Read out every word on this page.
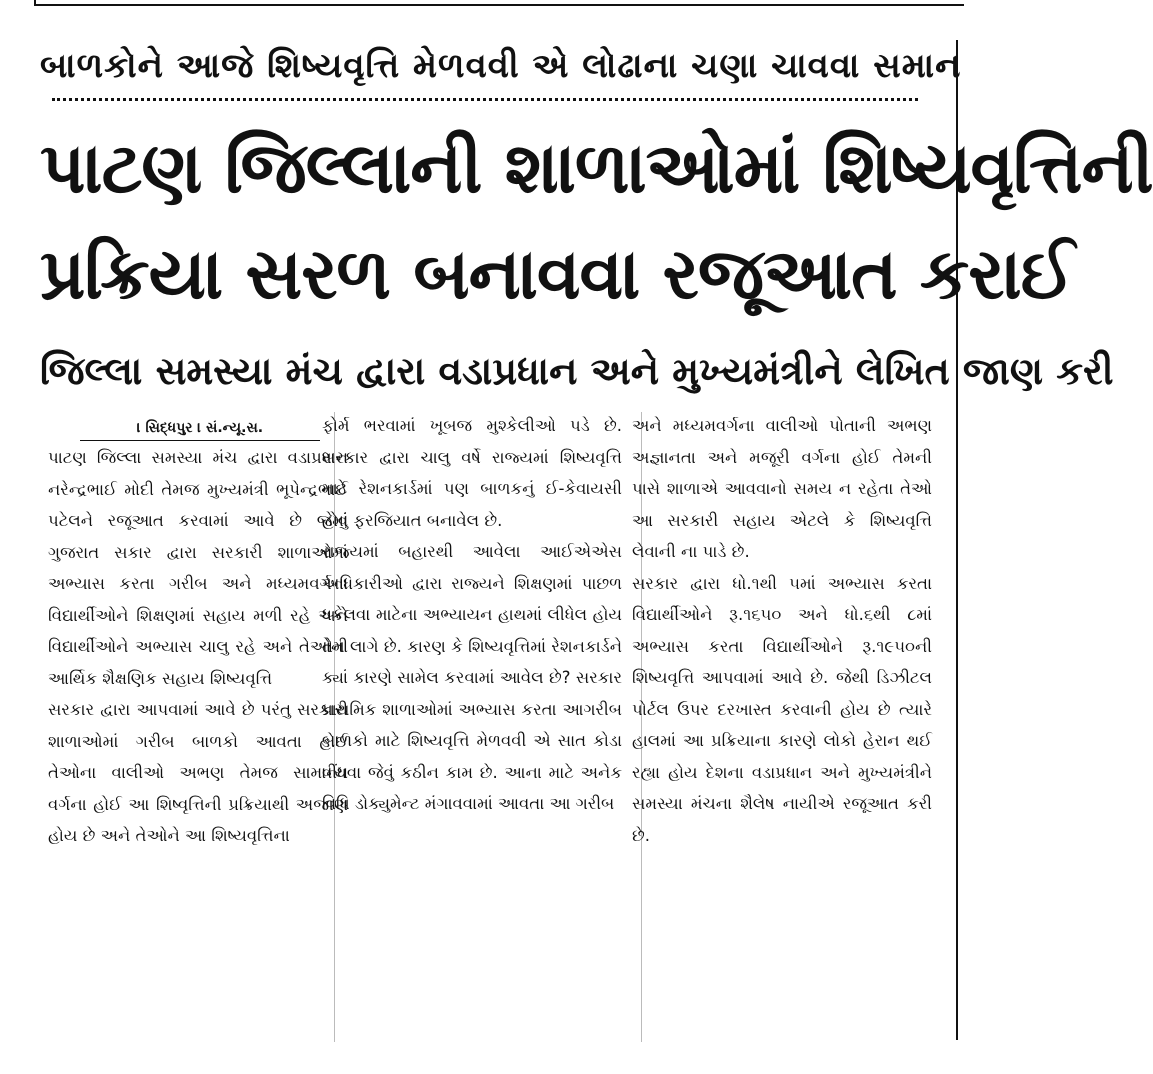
બાળકોને આજે શિષ્યવૃત્તિ મેળવવી એ લોઢાના ચણા ચાવવા સમાન
પાટણ જિલ્લાની શાળાઓમાં શિષ્યવૃત્તિની
પ્રક્રિયા સરળ બનાવવા રજૂઆત કરાઈ
જિલ્લા સમસ્યા મંચ દ્વારા વડાપ્રધાન અને મુખ્યમંત્રીને લેખિત જાણ કરી
। સિદ્ધપુર । સં.ન્યૂ.સ.

પાટણ જિલ્લા સમસ્યા મંચ દ્વારા વડાપ્રધાન નરેન્દ્રભાઈ મોદી તેમજ મુખ્યમંત્રી ભૂપેન્દ્રભાઈ પટેલને રજૂઆત કરવામાં આવે છે જેમાં ગુજરાત સકાર દ્વારા સરકારી શાળાઓમાં અભ્યાસ કરતા ગરીબ અને મધ્યમવર્ગના વિદ્યાર્થીઓને શિક્ષણમાં સહાય મળી રહે અને વિદ્યાર્થીઓને અભ્યાસ ચાલુ રહે અને તેઓની આર્થિક શૈક્ષણિક સહાય શિષ્યવૃત્તિ

સરકાર દ્વારા આપવામાં આવે છે પરંતુ સરકારી શાળાઓમાં ગરીબ બાળકો આવતા હોઈ તેઓના વાલીઓ અભણ તેમજ સામાન્ય વર્ગના હોઈ આ શિષ્વૃત્તિની પ્રક્રિયાથી અજાણ હોય છે અને તેઓને આ શિષ્યવૃત્તિના

ફોર્મ ભરવામાં ખૂબજ મુશ્કેલીઓ પડે છે. સરકાર દ્વારા ચાલુ વર્ષે રાજ્યમાં શિષ્યવૃત્તિ માટે રેશનકાર્ડમાં પણ બાળકનું ઈ-કેવાયસી હોવું ફરજિયાત બનાવેલ છે.

રાજ્યમાં બહારથી આવેલા આઈએએસ અધિકારીઓ દ્વારા રાજ્યને શિક્ષણમાં પાછળ ધકેલવા માટેના અભ્યાયન હાથમાં લીધેલ હોય તેમ લાગે છે. કારણ કે શિષ્યવૃત્તિમાં રેશનકાર્ડને ક્યાં કારણે સામેલ કરવામાં આવેલ છે? સરકાર પ્રાથમિક શાળાઓમાં અભ્યાસ કરતા આગરીબ બાળકો માટે શિષ્યવૃત્તિ મેળવવી એ સાત કોડા વીંધવા જેવું કઠીન કામ છે. આના માટે અનેક વિધિ ડોક્યુમેન્ટ મંગાવવામાં આવતા આ ગરીબ

અને મધ્યમવર્ગના વાલીઓ પોતાની અભણ અજ્ઞાનતા અને મજૂરી વર્ગના હોઈ તેમની પાસે શાળાએ આવવાનો સમય ન રહેતા તેઓ આ સરકારી સહાય એટલે કે શિષ્યવૃત્તિ લેવાની ના પાડે છે.

સરકાર દ્વારા ધો.૧થી ૫માં અભ્યાસ કરતા વિદ્યાર્થીઓને રૂ.૧૬૫૦ અને ધો.૬થી ૮માં અભ્યાસ કરતા વિદ્યાર્થીઓને રૂ.૧૯૫૦ની શિષ્યવૃત્તિ આપવામાં આવે છે. જેથી ડિઝીટલ પોર્ટલ ઉપર દરખાસ્ત કરવાની હોય છે ત્યારે હાલમાં આ પ્રક્રિયાના કારણે લોકો હેરાન થઈ રહ્યા હોય દેશના વડાપ્રધાન અને મુખ્યમંત્રીને સમસ્યા મંચના શૈલેષ નાયીએ રજૂઆત કરી છે.
